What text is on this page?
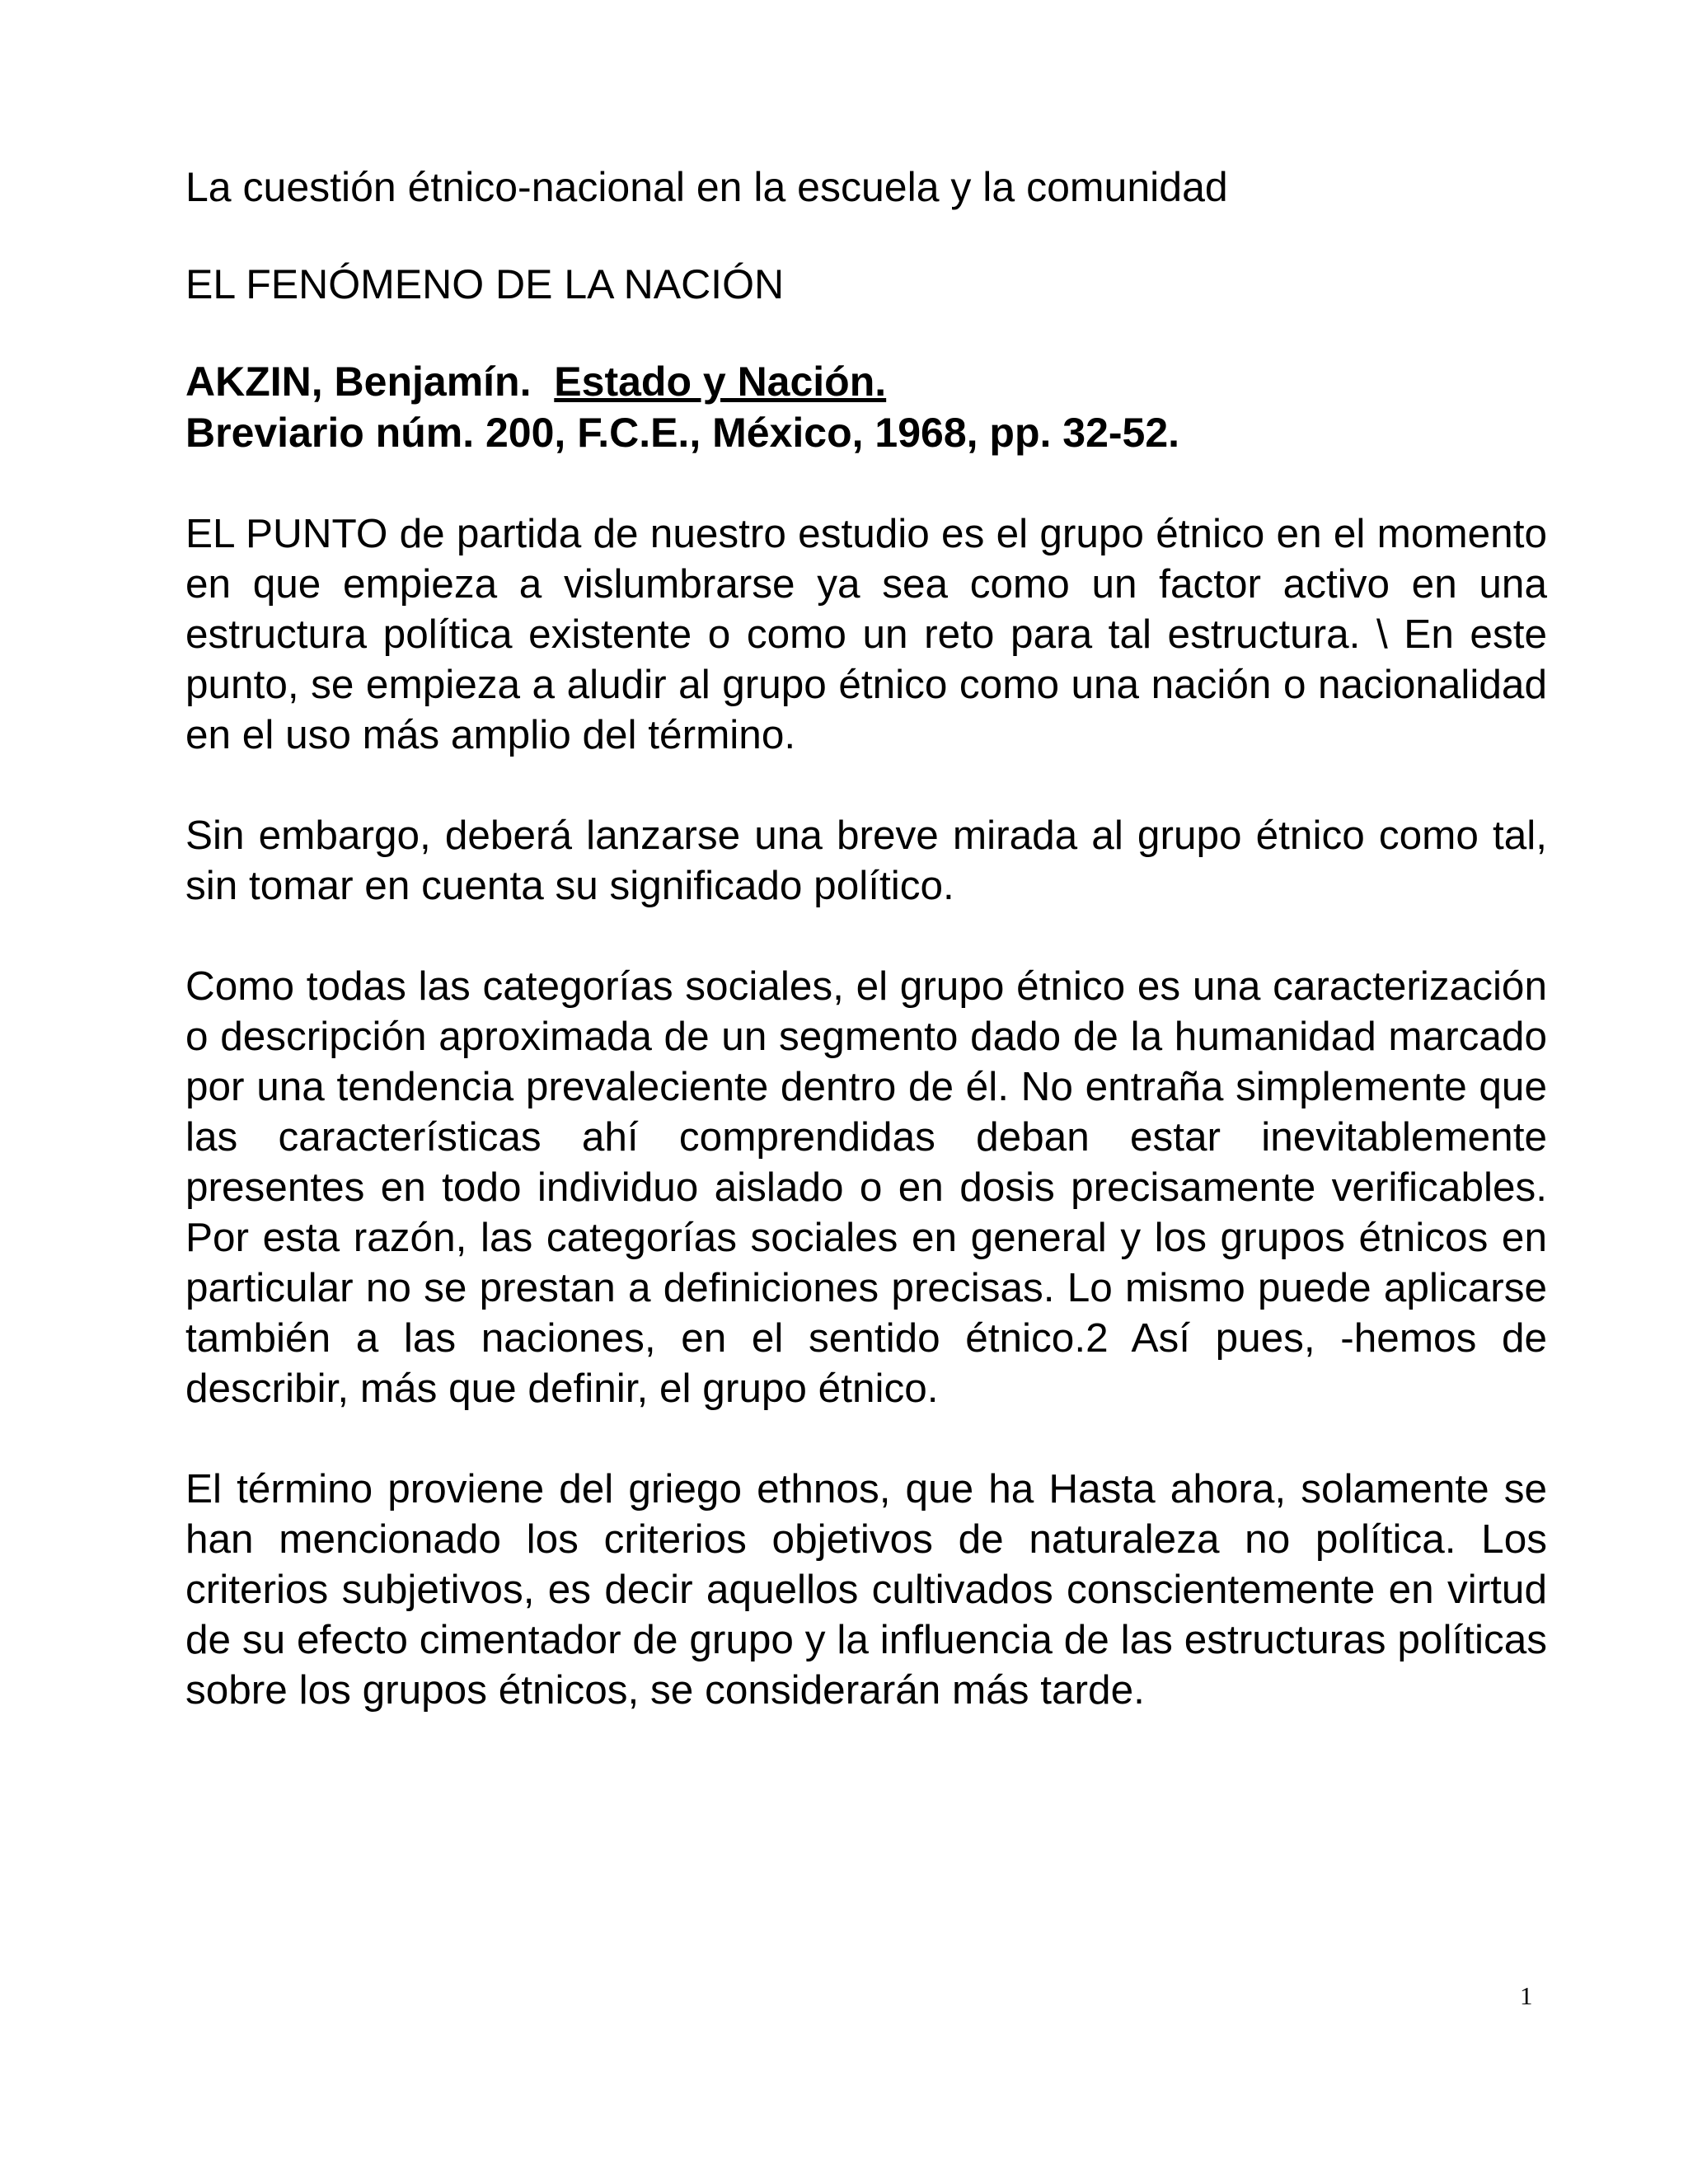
La cuestión étnico-nacional en la escuela y la comunidad
EL FENÓMENO DE LA NACIÓN
AKZIN, Benjamín. Estado y Nación.
Breviario núm. 200, F.C.E., México, 1968, pp. 32-52.

EL PUNTO de partida de nuestro estudio es el grupo étnico en el momento en que empieza a vislumbrarse ya sea como un factor activo en una estructura política existente o como un reto para tal estructura. \ En este punto, se empieza a aludir al grupo étnico como una nación o nacionalidad en el uso más amplio del término.

Sin embargo, deberá lanzarse una breve mirada al grupo étnico como tal, sin tomar en cuenta su significado político.

Como todas las categorías sociales, el grupo étnico es una caracterización o descripción aproximada de un segmento dado de la humanidad marcado por una tendencia prevaleciente dentro de él. No entraña simplemente que las características ahí comprendidas deban estar inevitablemente presentes en todo individuo aislado o en dosis precisamente verificables. Por esta razón, las categorías sociales en general y los grupos étnicos en particular no se prestan a definiciones precisas. Lo mismo puede aplicarse también a las naciones, en el sentido étnico.2 Así pues, -hemos de describir, más que definir, el grupo étnico.

El término proviene del griego ethnos, que ha Hasta ahora, solamente se han mencionado los criterios objetivos de naturaleza no política. Los criterios subjetivos, es decir aquellos cultivados conscientemente en virtud de su efecto cimentador de grupo y la influencia de las estructuras políticas sobre los grupos étnicos, se considerarán más tarde.

1
